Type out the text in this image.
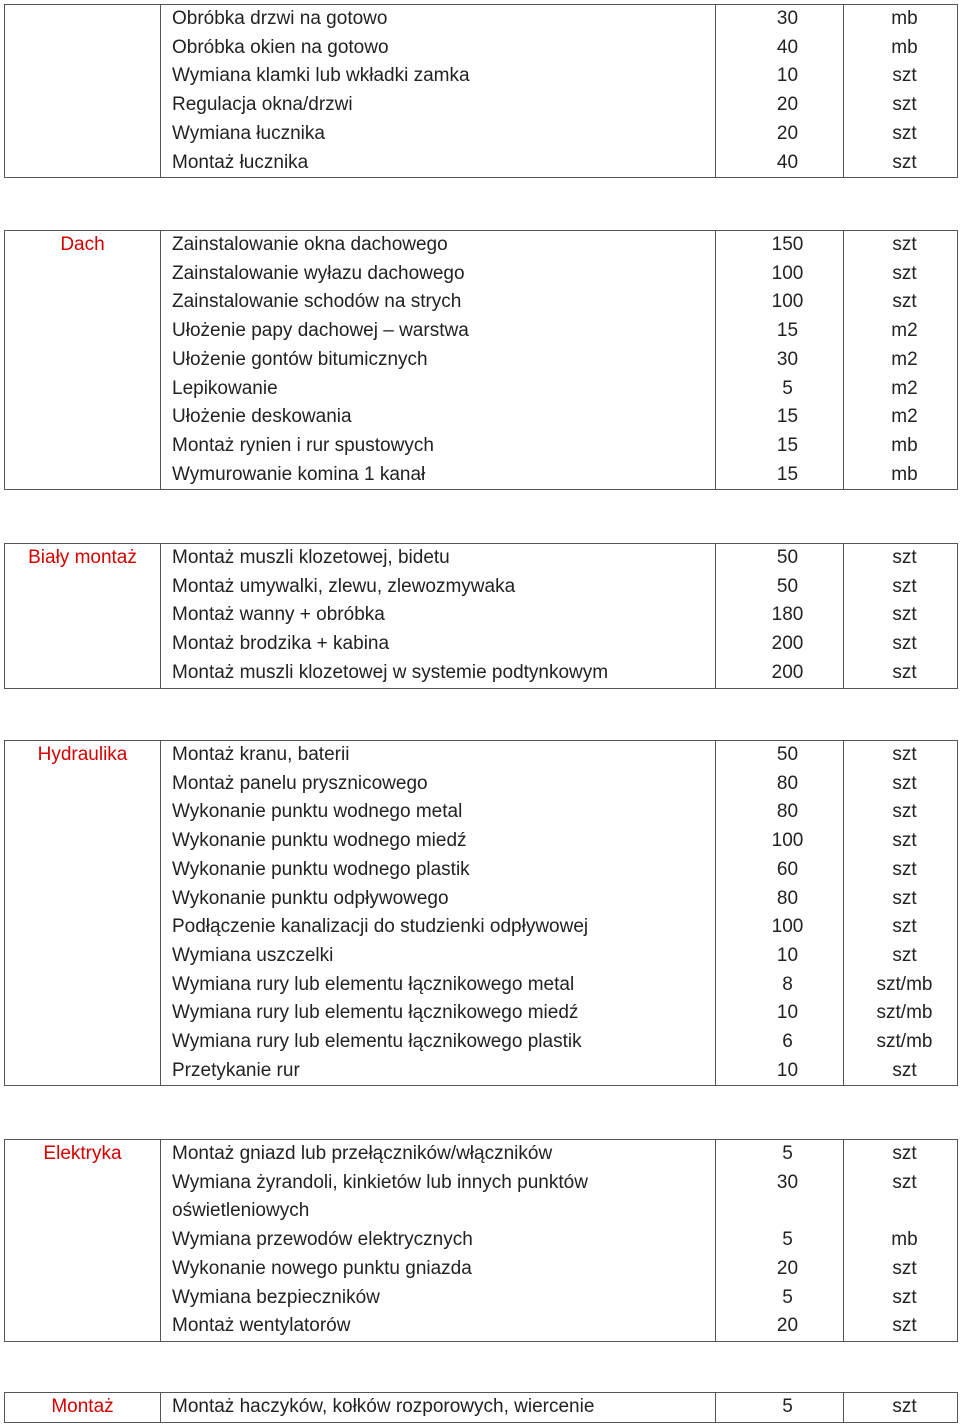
	Obróbka drzwi na gotowo	30	mb
	Obróbka okien na gotowo	40	mb
	Wymiana klamki lub wkładki zamka	10	szt
	Regulacja okna/drzwi	20	szt
	Wymiana łucznika	20	szt
	Montaż łucznika	40	szt
Dach	Zainstalowanie okna dachowego	150	szt
	Zainstalowanie wyłazu dachowego	100	szt
	Zainstalowanie schodów na strych	100	szt
	Ułożenie papy dachowej – warstwa	15	m2
	Ułożenie gontów bitumicznych	30	m2
	Lepikowanie	5	m2
	Ułożenie deskowania	15	m2
	Montaż rynien i rur spustowych	15	mb
	Wymurowanie komina 1 kanał	15	mb
Biały montaż	Montaż muszli klozetowej, bidetu	50	szt
	Montaż umywalki, zlewu, zlewozmywaka	50	szt
	Montaż wanny + obróbka	180	szt
	Montaż brodzika + kabina	200	szt
	Montaż muszli klozetowej w systemie podtynkowym	200	szt
Hydraulika	Montaż kranu, baterii	50	szt
	Montaż panelu prysznicowego	80	szt
	Wykonanie punktu wodnego metal	80	szt
	Wykonanie punktu wodnego miedź	100	szt
	Wykonanie punktu wodnego plastik	60	szt
	Wykonanie punktu odpływowego	80	szt
	Podłączenie kanalizacji do studzienki odpływowej	100	szt
	Wymiana uszczelki	10	szt
	Wymiana rury lub elementu łącznikowego metal	8	szt/mb
	Wymiana rury lub elementu łącznikowego miedź	10	szt/mb
	Wymiana rury lub elementu łącznikowego plastik	6	szt/mb
	Przetykanie rur	10	szt
Elektryka	Montaż gniazd lub przełączników/włączników	5	szt
	Wymiana żyrandoli, kinkietów lub innych punktów oświetleniowych	30	szt
	Wymiana przewodów elektrycznych	5	mb
	Wykonanie nowego punktu gniazda	20	szt
	Wymiana bezpieczników	5	szt
	Montaż wentylatorów	20	szt
Montaż	Montaż haczyków, kołków rozporowych, wiercenie	5	szt
